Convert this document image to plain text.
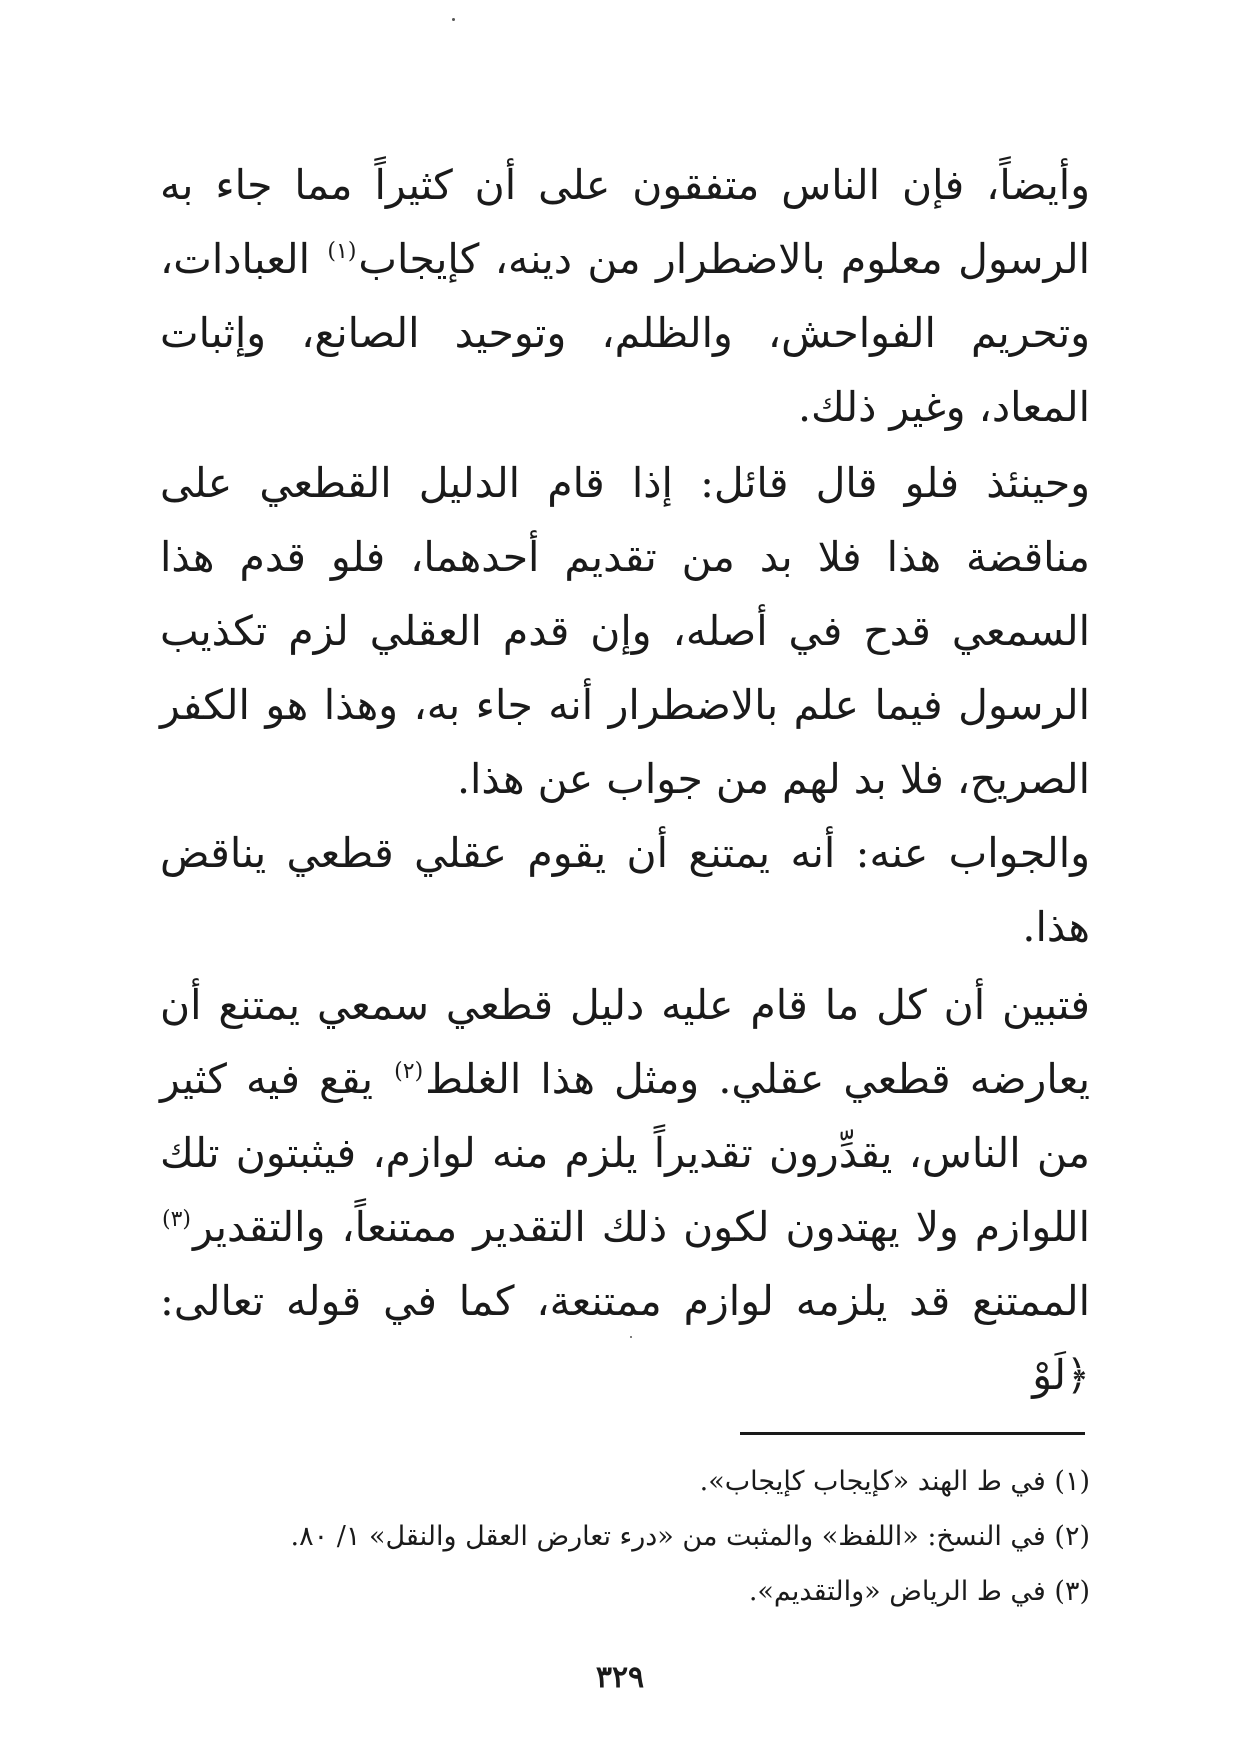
وأيضاً، فإن الناس متفقون على أن كثيراً مما جاء به الرسول معلوم بالاضطرار من دينه، كإيجاب$^{(١)}$ العبادات، وتحريم الفواحش، والظلم، وتوحيد الصانع، وإثبات المعاد، وغير ذلك.

وحينئذ فلو قال قائل: إذا قام الدليل القطعي على مناقضة هذا فلا بد من تقديم أحدهما، فلو قدم هذا السمعي قدح في أصله، وإن قدم العقلي لزم تكذيب الرسول فيما علم بالاضطرار أنه جاء به، وهذا هو الكفر الصريح، فلا بد لهم من جواب عن هذا.

والجواب عنه: أنه يمتنع أن يقوم عقلي قطعي يناقض هذا.

فتبين أن كل ما قام عليه دليل قطعي سمعي يمتنع أن يعارضه قطعي عقلي. ومثل هذا الغلط$^{(٢)}$ يقع فيه كثير من الناس، يقدِّرون تقديراً يلزم منه لوازم، فيثبتون تلك اللوازم ولا يهتدون لكون ذلك التقدير ممتنعاً، والتقدير$^{(٣)}$ الممتنع قد يلزمه لوازم ممتنعة، كما في قوله تعالى: ﴿لَوْ

(١) في ط الهند «كإيجاب كإيجاب».
(٢) في النسخ: «اللفظ» والمثبت من «درء تعارض العقل والنقل» ١/ ٨٠.
(٣) في ط الرياض «والتقديم».
٣٢٩
